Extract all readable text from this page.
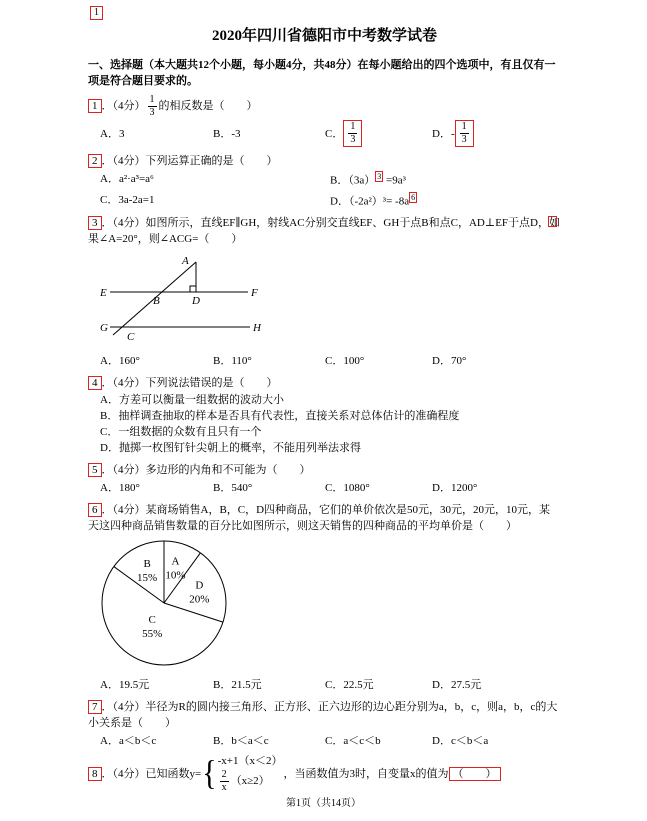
1
2020年四川省德阳市中考数学试卷

一、选择题（本大题共12个小题，每小题4分，共48分）在每小题给出的四个选项中，有且仅有一项是符合题目要求的。

1 ．（4分） $\frac{1}{3}$ 的相反数是（　　）
A． 3	B． -3	C． $\frac{1}{3}$	D． - $\frac{1}{3}$
2 ．（4分）下列运算正确的是（　　）
A．a²·a³=a⁶	B．（3a） $^3$ =9a³
C．3a-2a=1	D．（-2a²）³= -8a $^6$
3 ．（4分）如图所示，直线EF∥GH，射线AC分别交直线EF、GH于点B和点C，AD⊥EF于点D，如果∠A=20°，则∠ACG=（　　）
A
E
B	D
F
G
C
H
A．160°	B．110°	C．100°	D．70°
4 ．（4分）下列说法错误的是（　　）
A．方差可以衡量一组数据的波动大小
B．抽样调查抽取的样本是否具有代表性，直接关系对总体估计的准确程度
C．一组数据的众数有且只有一个
D．抛掷一枚图钉针尖朝上的概率，不能用列举法求得
5 ．（4分）多边形的内角和不可能为（　　）
A．180°	B．540°	C．1080°	D．1200°
6 ．（4分）某商场销售A，B，C，D四种商品，它们的单价依次是50元，30元，20元，10元，某天这四种商品销售数量的百分比如图所示，则这天销售的四种商品的平均单价是（　　）
A
10%
D
20%
C
55%
B
15%
A．19.5元	B．21.5元	C．22.5元	D．27.5元
7 ．（4分）半径为R的圆内接三角形、正方形、正六边形的边心距分别为a，b，c，则a，b，c的大小关系是（　　）
A．a＜b＜c	B．b＜a＜c	C．a＜c＜b	D．c＜b＜a
8 ．（4分） 已知函数y= { -x+1（x＜2）
$\frac{2}{x} (x\ge 2)$
，当函数值为3时，自变量x的值为 （　　）
第1页（共14页）
